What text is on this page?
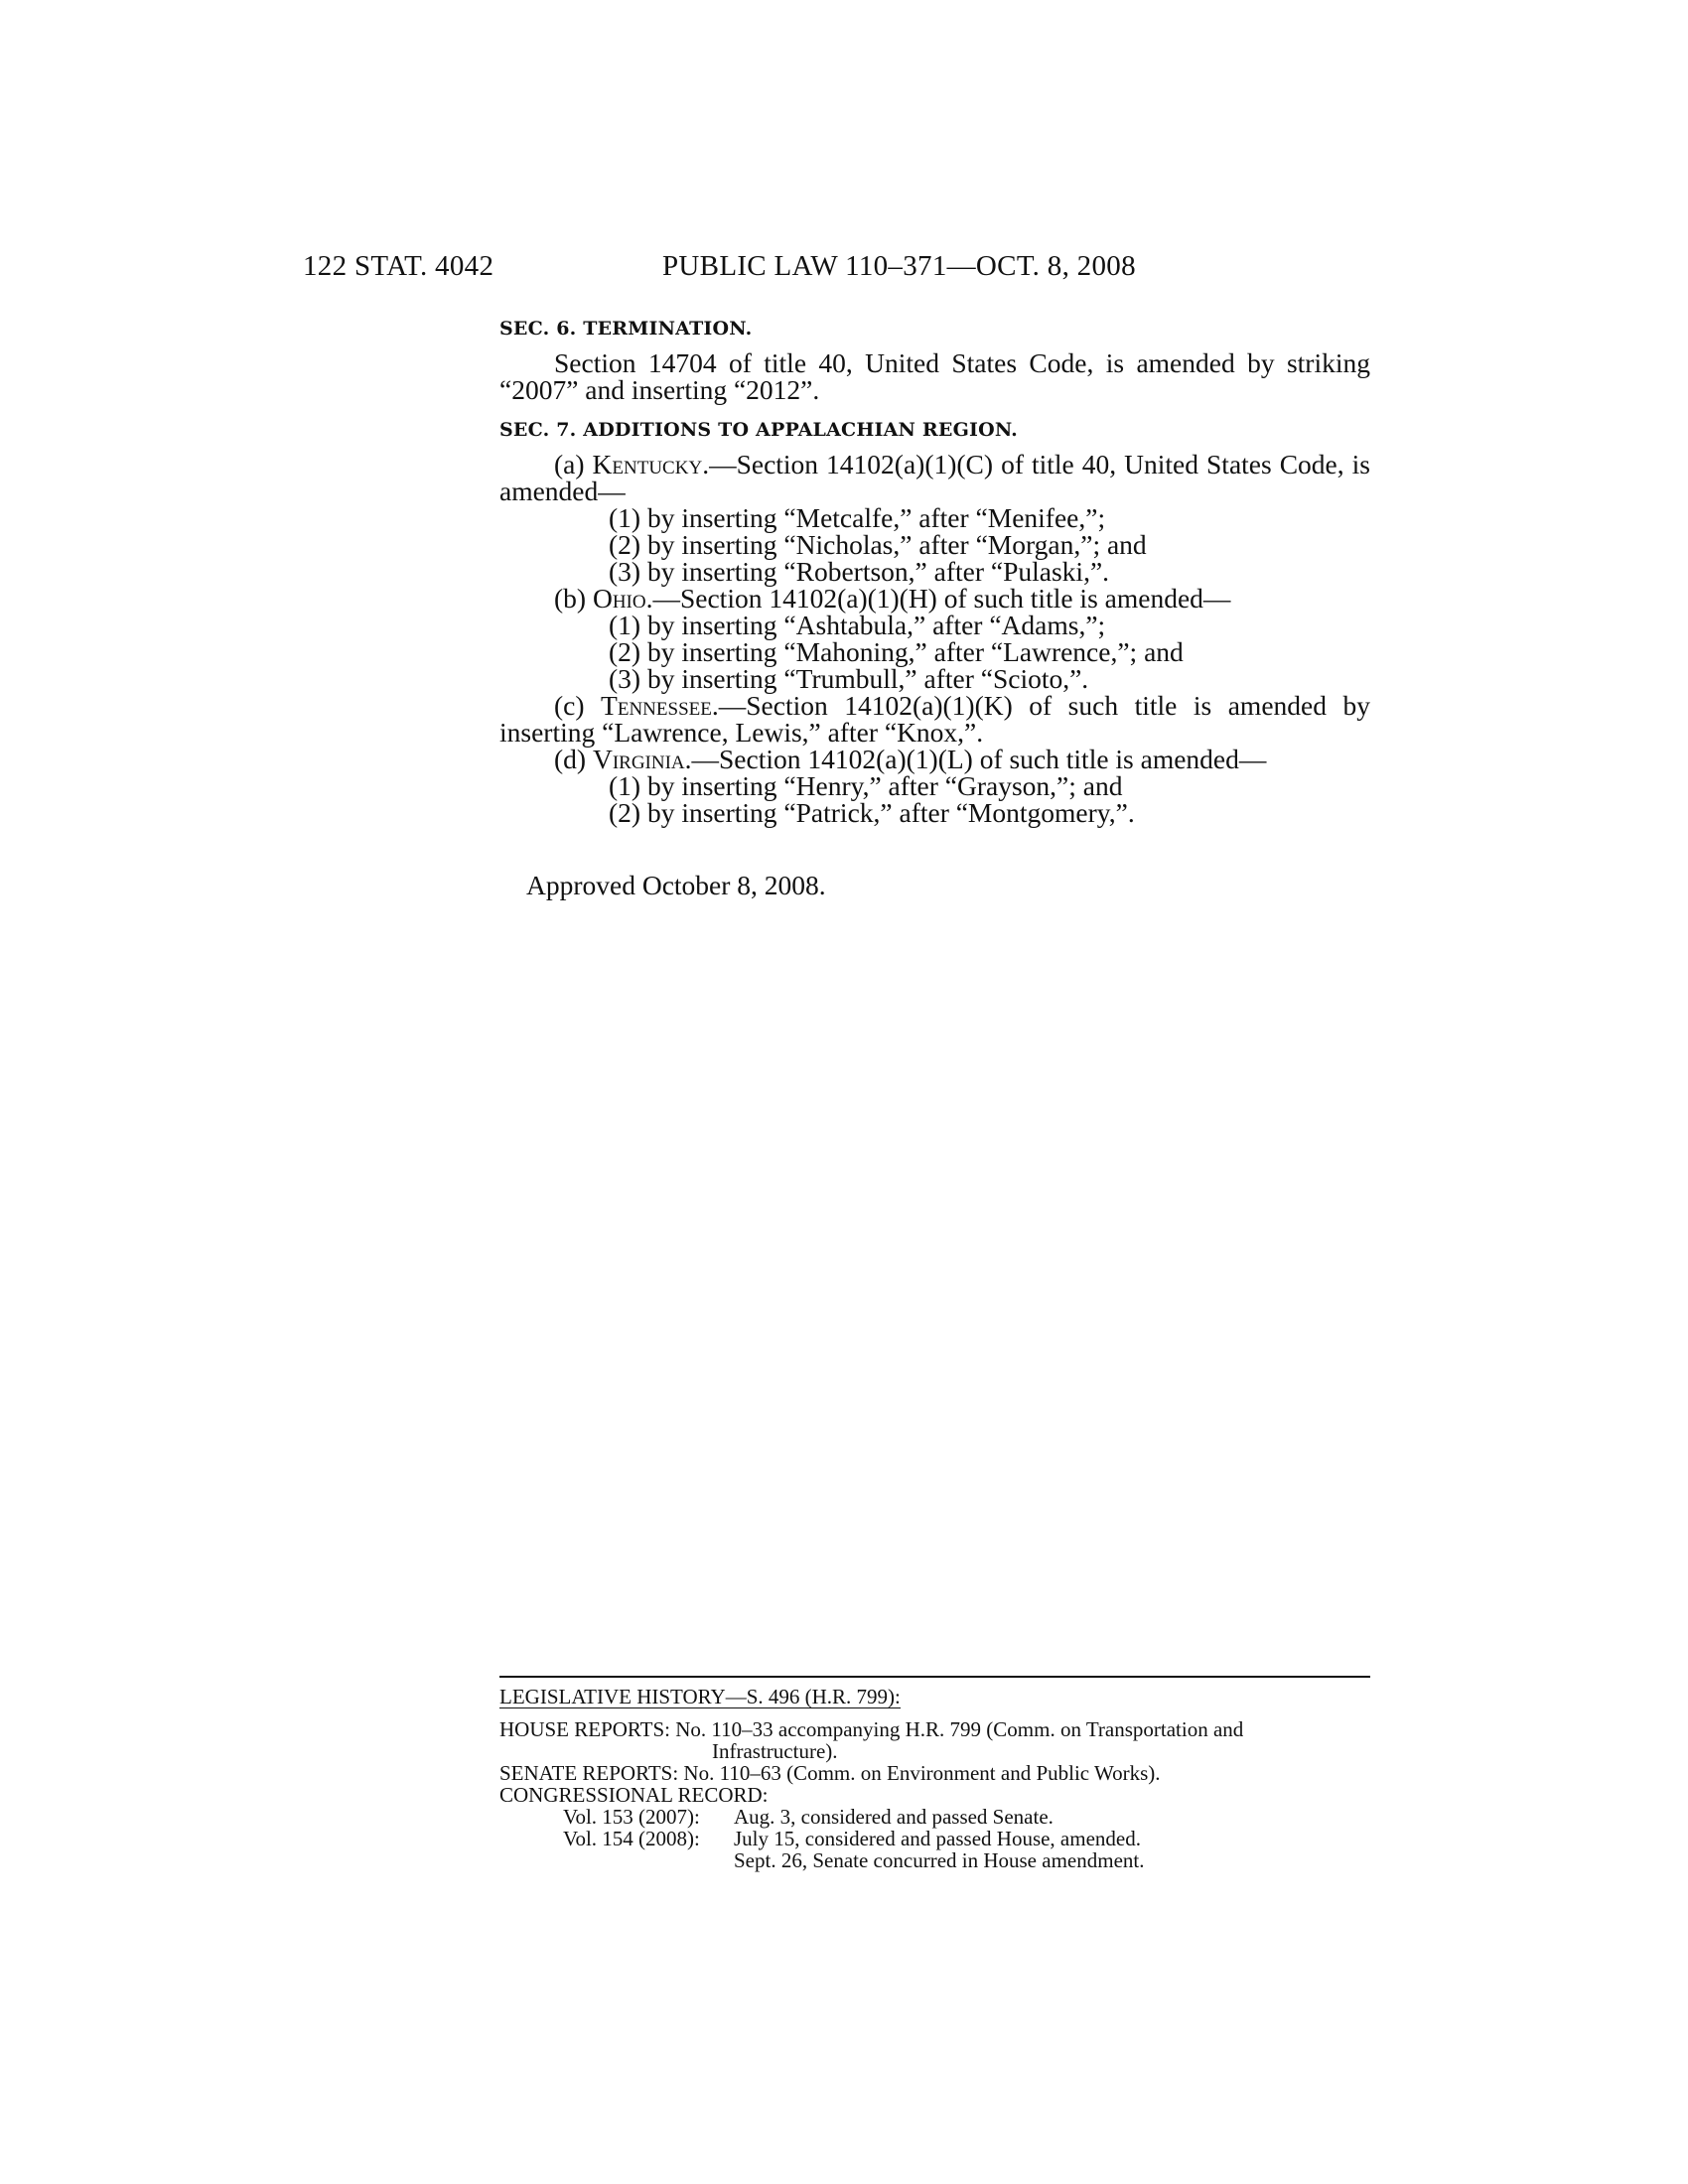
122 STAT. 4042	PUBLIC LAW 110–371—OCT. 8, 2008

SEC. 6. TERMINATION.

Section 14704 of title 40, United States Code, is amended by striking “2007” and inserting “2012”.

SEC. 7. ADDITIONS TO APPALACHIAN REGION.

(a) Kentucky.—Section 14102(a)(1)(C) of title 40, United States Code, is amended—

(1) by inserting “Metcalfe,” after “Menifee,”;

(2) by inserting “Nicholas,” after “Morgan,”; and

(3) by inserting “Robertson,” after “Pulaski,”.

(b) Ohio.—Section 14102(a)(1)(H) of such title is amended—

(1) by inserting “Ashtabula,” after “Adams,”;

(2) by inserting “Mahoning,” after “Lawrence,”; and

(3) by inserting “Trumbull,” after “Scioto,”.

(c) Tennessee.—Section 14102(a)(1)(K) of such title is amended by inserting “Lawrence, Lewis,” after “Knox,”.

(d) Virginia.—Section 14102(a)(1)(L) of such title is amended—

(1) by inserting “Henry,” after “Grayson,”; and

(2) by inserting “Patrick,” after “Montgomery,”.

Approved October 8, 2008.
LEGISLATIVE HISTORY—S. 496 (H.R. 799):

HOUSE REPORTS: No. 110–33 accompanying H.R. 799 (Comm. on Transportation and Infrastructure).

SENATE REPORTS: No. 110–63 (Comm. on Environment and Public Works).

CONGRESSIONAL RECORD:

Vol. 153 (2007): Aug. 3, considered and passed Senate.

Vol. 154 (2008): July 15, considered and passed House, amended.

Sept. 26, Senate concurred in House amendment.
